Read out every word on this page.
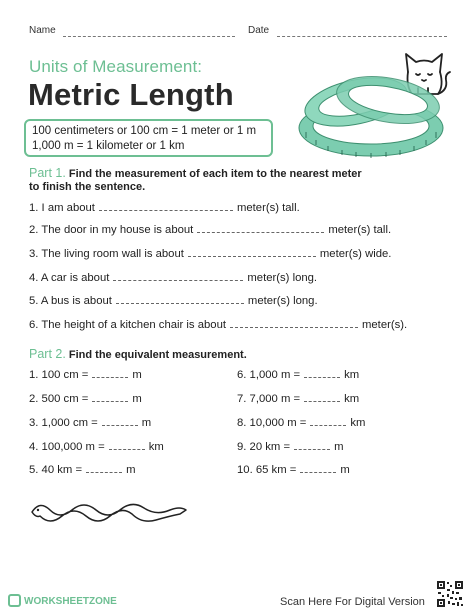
Name	Date
Units of Measurement:
Metric Length
100 centimeters or 100 cm = 1 meter or 1 m
1,000 m = 1 kilometer or 1 km
Part 1. Find the measurement of each item to the nearest meter
to finish the sentence.
1. I am about	meter(s) tall.
2. The door in my house is about	meter(s) tall.
3. The living room wall is about	meter(s) wide.
4. A car is about	meter(s) long.
5. A bus is about	meter(s) long.
6. The height of a kitchen chair is about	meter(s).
Part 2. Find the equivalent measurement.
1. 100 cm =	m
2. 500 cm =	m
3. 1,000 cm =	m
4. 100,000 m =	km
5. 40 km =	m
6. 1,000 m =	km
7. 7,000 m =	km
8. 10,000 m =	km
9. 20 km =	m
10. 65 km =	m
WORKSHEETZONE	Scan Here For Digital Version
